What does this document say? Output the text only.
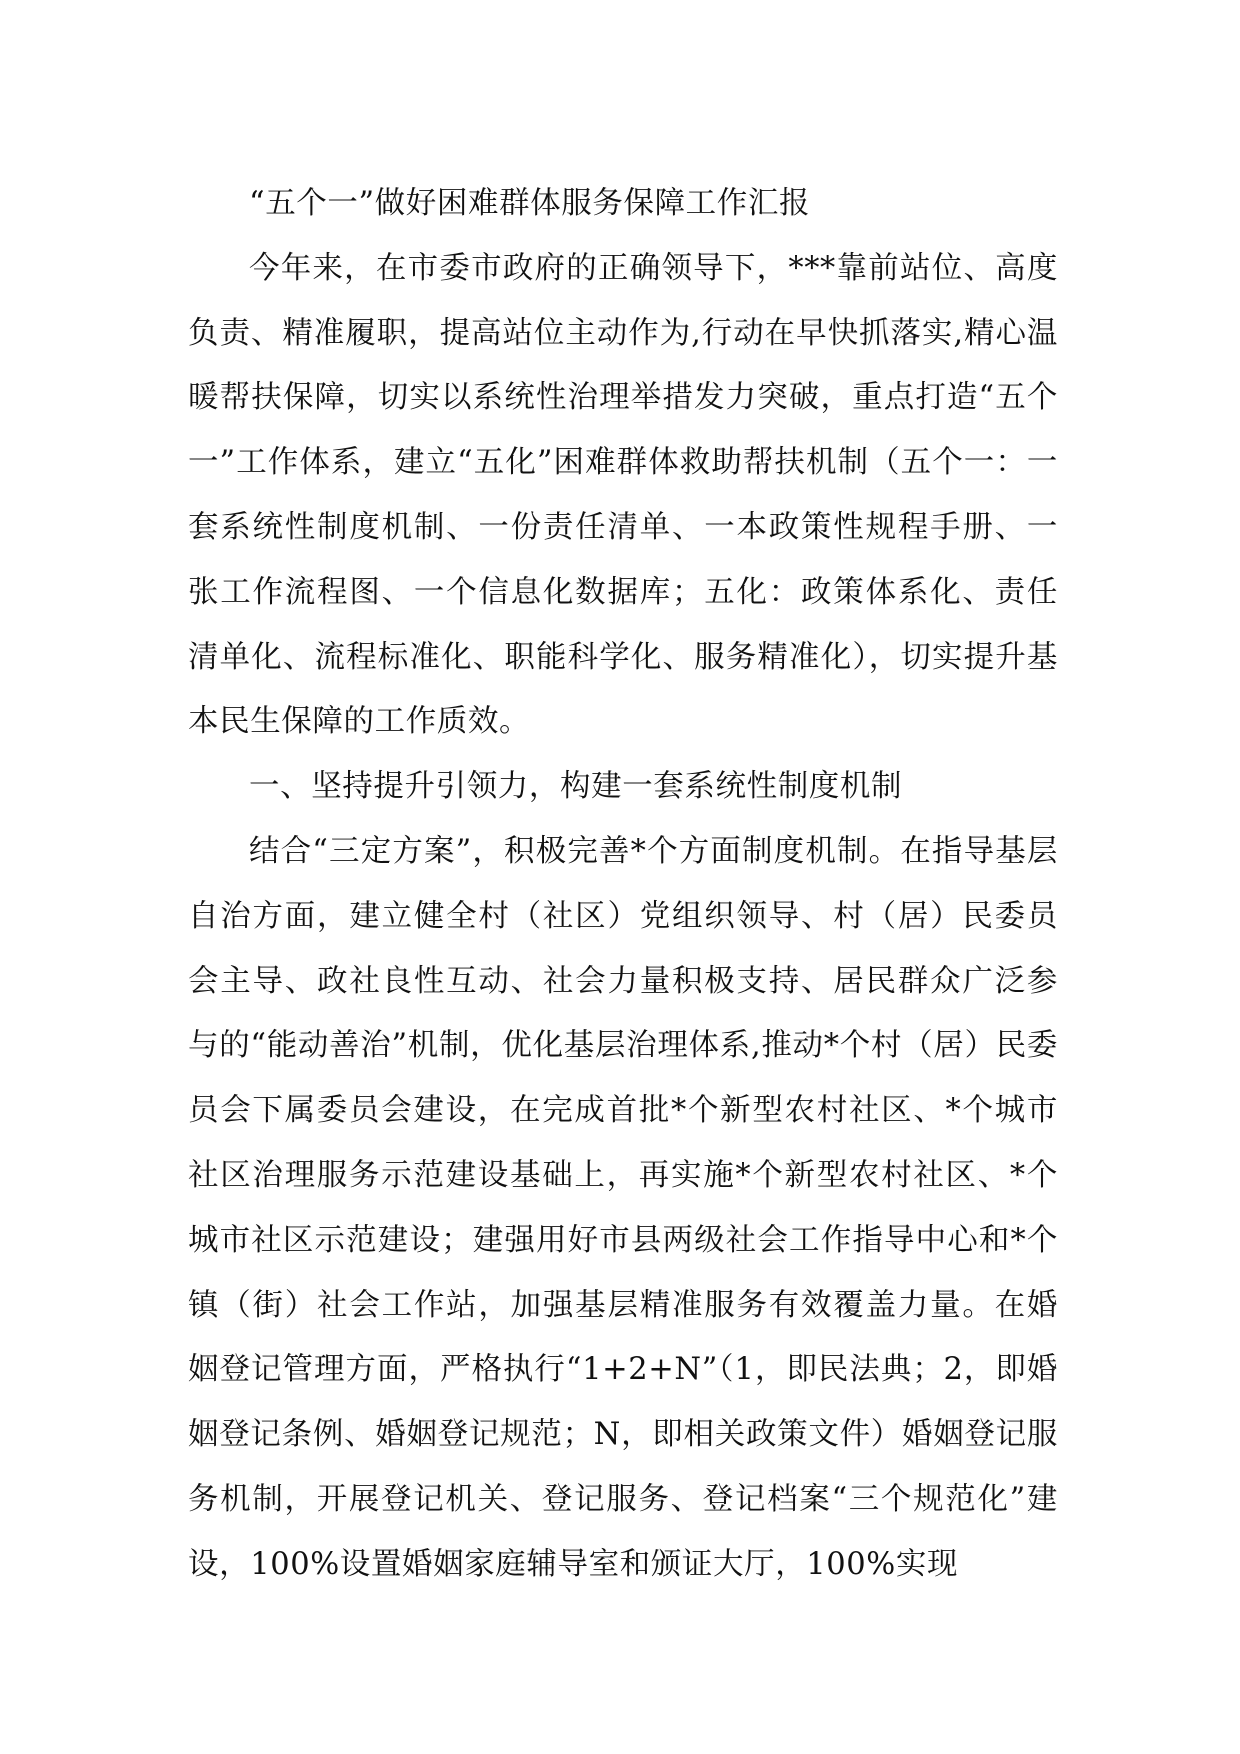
“五个一”做好困难群体服务保障工作汇报

今年来，在市委市政府的正确领导下，***靠前站位、高度负责、精准履职，提高站位主动作为,行动在早快抓落实,精心温暖帮扶保障，切实以系统性治理举措发力突破，重点打造“五个一”工作体系，建立“五化”困难群体救助帮扶机制（五个一：一套系统性制度机制、一份责任清单、一本政策性规程手册、一张工作流程图、一个信息化数据库；五化：政策体系化、责任清单化、流程标准化、职能科学化、服务精准化），切实提升基本民生保障的工作质效。

一、坚持提升引领力，构建一套系统性制度机制

结合“三定方案”，积极完善*个方面制度机制。在指导基层自治方面，建立健全村（社区）党组织领导、村（居）民委员会主导、政社良性互动、社会力量积极支持、居民群众广泛参与的“能动善治”机制，优化基层治理体系,推动*个村（居）民委员会下属委员会建设，在完成首批*个新型农村社区、*个城市社区治理服务示范建设基础上，再实施*个新型农村社区、*个城市社区示范建设；建强用好市县两级社会工作指导中心和*个镇（街）社会工作站，加强基层精准服务有效覆盖力量。在婚姻登记管理方面，严格执行“1+2+N”（1，即民法典；2，即婚姻登记条例、婚姻登记规范；N，即相关政策文件）婚姻登记服务机制，开展登记机关、登记服务、登记档案“三个规范化”建设，100%设置婚姻家庭辅导室和颁证大厅，100%实现
